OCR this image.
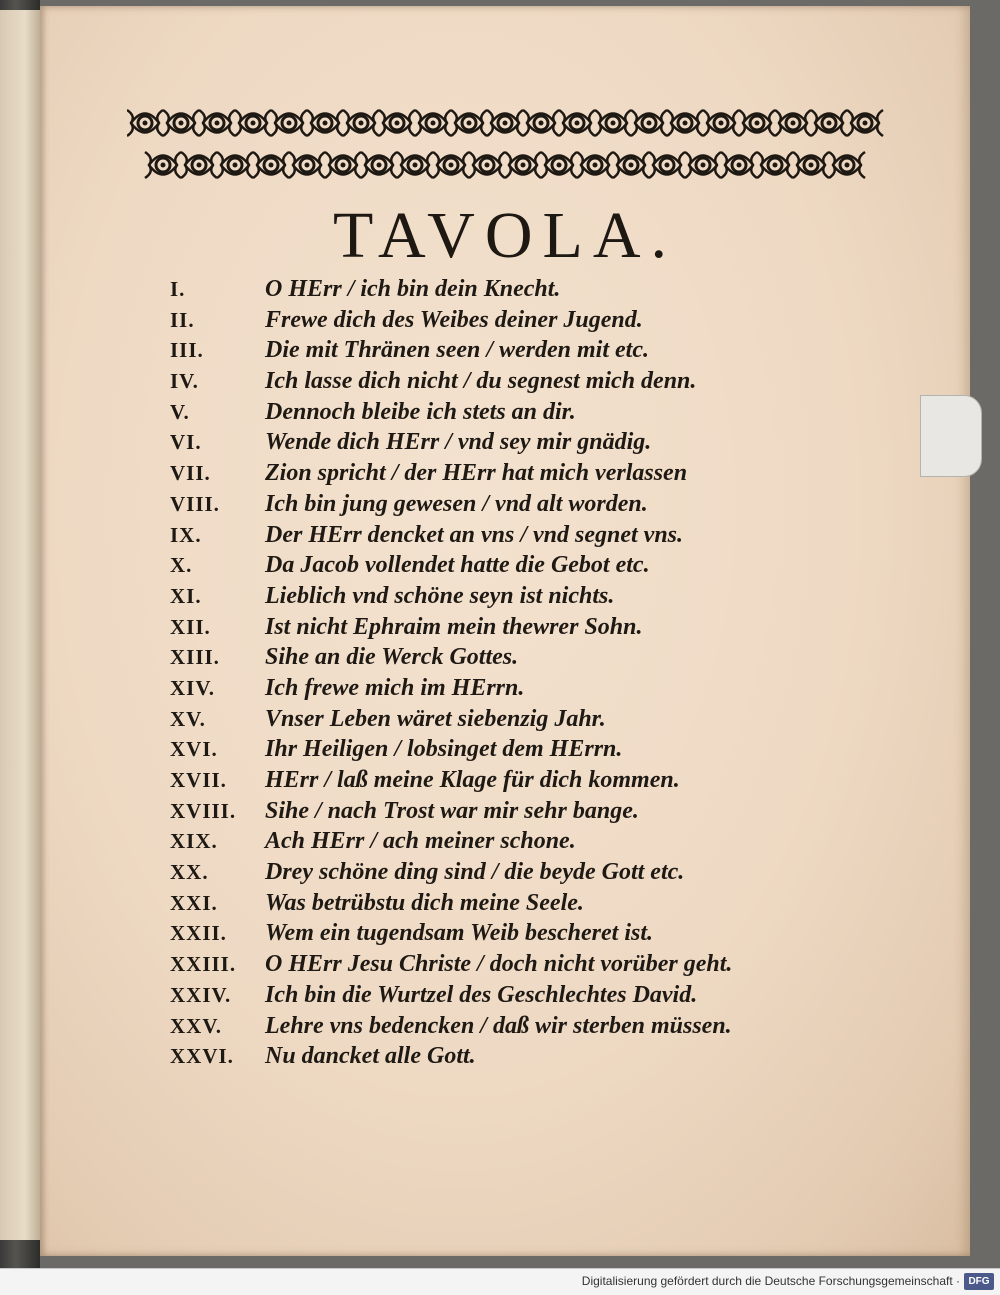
TAVOLA.
I.	O HErr / ich bin dein Knecht.
II.	Frewe dich des Weibes deiner Jugend.
III.	Die mit Thränen seen / werden mit etc.
IV.	Ich lasse dich nicht / du segnest mich denn.
V.	Dennoch bleibe ich stets an dir.
VI.	Wende dich HErr / vnd sey mir gnädig.
VII.	Zion spricht / der HErr hat mich verlassen
VIII.	Ich bin jung gewesen / vnd alt worden.
IX.	Der HErr dencket an vns / vnd segnet vns.
X.	Da Jacob vollendet hatte die Gebot etc.
XI.	Lieblich vnd schöne seyn ist nichts.
XII.	Ist nicht Ephraim mein thewrer Sohn.
XIII.	Sihe an die Werck Gottes.
XIV.	Ich frewe mich im HErrn.
XV.	Vnser Leben wäret siebenzig Jahr.
XVI.	Ihr Heiligen / lobsinget dem HErrn.
XVII.	HErr / laß meine Klage für dich kommen.
XVIII.	Sihe / nach Trost war mir sehr bange.
XIX.	Ach HErr / ach meiner schone.
XX.	Drey schöne ding sind / die beyde Gott etc.
XXI.	Was betrübstu dich meine Seele.
XXII.	Wem ein tugendsam Weib bescheret ist.
XXIII.	O HErr Jesu Christe / doch nicht vorüber geht.
XXIV.	Ich bin die Wurtzel des Geschlechtes David.
XXV.	Lehre vns bedencken / daß wir sterben müssen.
XXVI.	Nu dancket alle Gott.
Digitalisierung gefördert durch die Deutsche Forschungsgemeinschaft · DFG
